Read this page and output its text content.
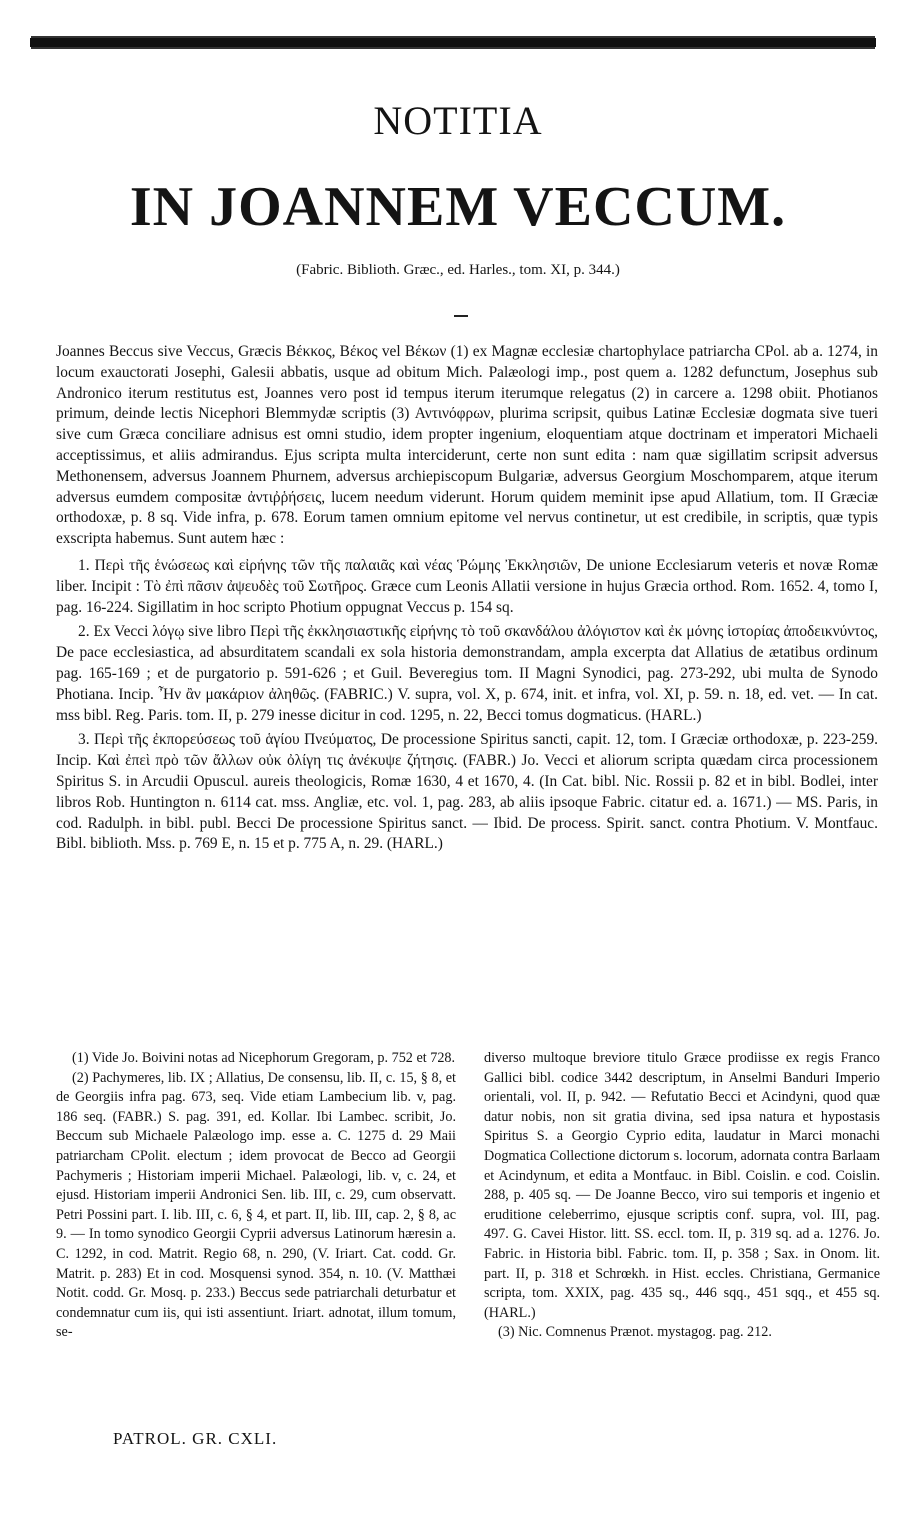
NOTITIA
IN JOANNEM VECCUM.
(Fabric. Biblioth. Græc., ed. Harles., tom. XI, p. 344.)

Joannes Beccus sive Veccus, Græcis Βέκκος, Βέκος vel Βέκων (1) ex Magnæ ecclesiæ chartophylace patriarcha CPol. ab a. 1274, in locum exauctorati Josephi, Galesii abbatis, usque ad obitum Mich. Palæologi imp., post quem a. 1282 defunctum, Josephus sub Andronico iterum restitutus est, Joannes vero post id tempus iterum iterumque relegatus (2) in carcere a. 1298 obiit. Photianos primum, deinde lectis Nicephori Blemmydæ scriptis (3) Αντινόφρων, plurima scripsit, quibus Latinæ Ecclesiæ dogmata sive tueri sive cum Græca conciliare adnisus est omni studio, idem propter ingenium, eloquentiam atque doctrinam et imperatori Michaeli acceptissimus, et aliis admirandus. Ejus scripta multa interciderunt, certe non sunt edita : nam quæ sigillatim scripsit adversus Methonensem, adversus Joannem Phurnem, adversus archiepiscopum Bulgariæ, adversus Georgium Moschomparem, atque iterum adversus eumdem compositæ ἀντιῤῥήσεις, lucem needum viderunt. Horum quidem meminit ipse apud Allatium, tom. II Græciæ orthodoxæ, p. 8 sq. Vide infra, p. 678. Eorum tamen omnium epitome vel nervus continetur, ut est credibile, in scriptis, quæ typis exscripta habemus. Sunt autem hæc :

1. Περὶ τῆς ἑνώσεως καὶ εἰρήνης τῶν τῆς παλαιᾶς καὶ νέας Ῥώμης Ἐκκλησιῶν, De unione Ecclesiarum veteris et novæ Romæ liber. Incipit : Τὸ ἐπὶ πᾶσιν ἀψευδὲς τοῦ Σωτῆρος. Græce cum Leonis Allatii versione in hujus Græcia orthod. Rom. 1652. 4, tomo I, pag. 16-224. Sigillatim in hoc scripto Photium oppugnat Veccus p. 154 sq.

2. Ex Vecci λόγῳ sive libro Περὶ τῆς ἐκκλησιαστικῆς εἰρήνης τὸ τοῦ σκανδάλου ἀλόγιστον καὶ ἐκ μόνης ἱστορίας ἀποδεικνύντος, De pace ecclesiastica, ad absurditatem scandali ex sola historia demonstrandam, ampla excerpta dat Allatius de ætatibus ordinum pag. 165-169 ; et de purgatorio p. 591-626 ; et Guil. Beveregius tom. II Magni Synodici, pag. 273-292, ubi multa de Synodo Photiana. Incip. Ἦν ἂν μακάριον ἀληθῶς. (FABRIC.) V. supra, vol. X, p. 674, init. et infra, vol. XI, p. 59. n. 18, ed. vet. — In cat. mss bibl. Reg. Paris. tom. II, p. 279 inesse dicitur in cod. 1295, n. 22, Becci tomus dogmaticus. (HARL.)

3. Περὶ τῆς ἐκπορεύσεως τοῦ ἁγίου Πνεύματος, De processione Spiritus sancti, capit. 12, tom. I Græciæ orthodoxæ, p. 223-259. Incip. Καὶ ἐπεὶ πρὸ τῶν ἄλλων οὐκ ὀλίγη τις ἀνέκυψε ζήτησις. (FABR.) Jo. Vecci et aliorum scripta quædam circa processionem Spiritus S. in Arcudii Opuscul. aureis theologicis, Romæ 1630, 4 et 1670, 4. (In Cat. bibl. Nic. Rossii p. 82 et in bibl. Bodlei, inter libros Rob. Huntington n. 6114 cat. mss. Angliæ, etc. vol. 1, pag. 283, ab aliis ipsoque Fabric. citatur ed. a. 1671.) — MS. Paris, in cod. Radulph. in bibl. publ. Becci De processione Spiritus sanct. — Ibid. De process. Spirit. sanct. contra Photium. V. Montfauc. Bibl. biblioth. Mss. p. 769 E, n. 15 et p. 775 A, n. 29. (HARL.)

(1) Vide Jo. Boivini notas ad Nicephorum Gregoram, p. 752 et 728.

(2) Pachymeres, lib. IX ; Allatius, De consensu, lib. II, c. 15, § 8, et de Georgiis infra pag. 673, seq. Vide etiam Lambecium lib. v, pag. 186 seq. (FABR.) S. pag. 391, ed. Kollar. Ibi Lambec. scribit, Jo. Beccum sub Michaele Palæologo imp. esse a. C. 1275 d. 29 Maii patriarcham CPolit. electum ; idem provocat de Becco ad Georgii Pachymeris ; Historiam imperii Michael. Palæologi, lib. v, c. 24, et ejusd. Historiam imperii Andronici Sen. lib. III, c. 29, cum observatt. Petri Possini part. I. lib. III, c. 6, § 4, et part. II, lib. III, cap. 2, § 8, ac 9. — In tomo synodico Georgii Cyprii adversus Latinorum hæresin a. C. 1292, in cod. Matrit. Regio 68, n. 290, (V. Iriart. Cat. codd. Gr. Matrit. p. 283) Et in cod. Mosquensi synod. 354, n. 10. (V. Matthæi Notit. codd. Gr. Mosq. p. 233.) Beccus sede patriarchali deturbatur et condemnatur cum iis, qui isti assentiunt. Iriart. adnotat, illum tomum, se-

diverso multoque breviore titulo Græce prodiisse ex regis Franco Gallici bibl. codice 3442 descriptum, in Anselmi Banduri Imperio orientali, vol. II, p. 942. — Refutatio Becci et Acindyni, quod quæ datur nobis, non sit gratia divina, sed ipsa natura et hypostasis Spiritus S. a Georgio Cyprio edita, laudatur in Marci monachi Dogmatica Collectione dictorum s. locorum, adornata contra Barlaam et Acindynum, et edita a Montfauc. in Bibl. Coislin. e cod. Coislin. 288, p. 405 sq. — De Joanne Becco, viro sui temporis et ingenio et eruditione celeberrimo, ejusque scriptis conf. supra, vol. III, pag. 497. G. Cavei Histor. litt. SS. eccl. tom. II, p. 319 sq. ad a. 1276. Jo. Fabric. in Historia bibl. Fabric. tom. II, p. 358 ; Sax. in Onom. lit. part. II, p. 318 et Schrœkh. in Hist. eccles. Christiana, Germanice scripta, tom. XXIX, pag. 435 sq., 446 sqq., 451 sqq., et 455 sq. (HARL.)

(3) Nic. Comnenus Prænot. mystagog. pag. 212.

PATROL. GR. CXLI.
